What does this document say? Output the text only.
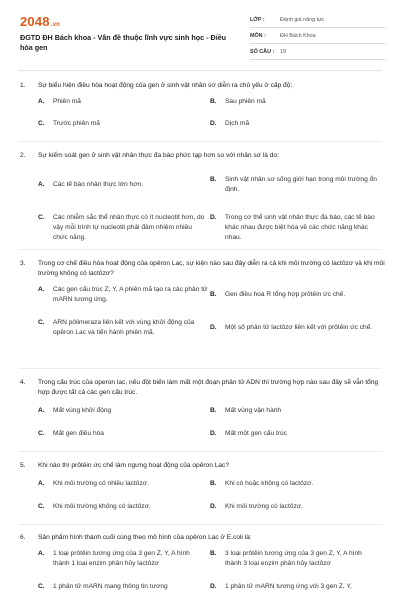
2048.vn
ĐGTD ĐH Bách khoa - Vấn đề thuộc lĩnh vực sinh học - Điều hòa gen
LỚP :	Đánh giá năng lực
MÔN :	ĐH Bách Khoa
SỐ CÂU :	19
1.	Sự biểu hiện điều hòa hoạt động của gen ở sinh vật nhân sơ diễn ra chủ yếu ở cấp độ:
A.	Phiên mã	B.	Sau phiên mã
C.	Trước phiên mã	D.	Dịch mã
2.	Sự kiểm soát gen ở sinh vật nhân thực đa bào phức tạp hơn so với nhân sơ là do:
A.	Các tế bào nhân thực lớn hơn.
B.	Sinh vật nhân sơ sống giới hạn trong môi trường ổn định.
C.	Các nhiễm sắc thể nhân thực có ít nucleotit hơn, do vậy mỗi trình tự nucleotit phải đảm nhiệm nhiều chức năng.
D.	Trong cơ thể sinh vật nhân thực đa bào, các tế bào khác nhau được biệt hóa về các chức năng khác nhau.
3.	Trong cơ chế điều hòa hoạt động của opêron Lac, sự kiện nào sau đây diễn ra cả khi môi trường có lactôzơ và khi môi trường không có lactôzơ?
A.	Các gen cấu trúc Z, Y, A phiên mã tạo ra các phân tử mARN tương ứng.
B.	Gen điều hoà R tổng hợp prôtêin ức chế.
C.	ARN pôlimeraza liên kết với vùng khởi động của opêron Lac và tiến hành phiên mã.
D.	Một số phân tử lactôzơ liên kết với prôtêin ức chế.
4.	Trong cấu trúc của operon lac, nếu đột biến làm mất một đoạn phân tử ADN thì trường hợp nào sau đây sẽ vẫn tổng hợp được tất cả các gen cấu trúc.
A.	Mất vùng khởi động	B.	Mất vùng vận hành
C.	Mất gen điều hòa	D.	Mất một gen cấu trúc
5.	Khi nào thì prôtêin ức chế làm ngưng hoạt động của opêron Lac?
A.	Khi môi trường có nhiều lactôzơ.	B.	Khi có hoặc không có lactôzơ.
C.	Khi môi trường không có lactôzơ.	D.	Khi môi trường có lactôzơ.
6.	Sản phẩm hình thành cuối cùng theo mô hình của opêron Lac ở E.coli là:
A.	1 loại prôtêin tương ứng của 3 gen Z, Y, A hình thành 1 loại enzim phân hủy lactôzơ
B.	3 loại prôtêin tương ứng của 3 gen Z, Y, A hình thành 3 loại enzim phân hủy lactôzơ
C.	1 phân tử mARN mang thông tin tương	D.	1 phân tử mARN tương ứng với 3 gen Z, Y,
